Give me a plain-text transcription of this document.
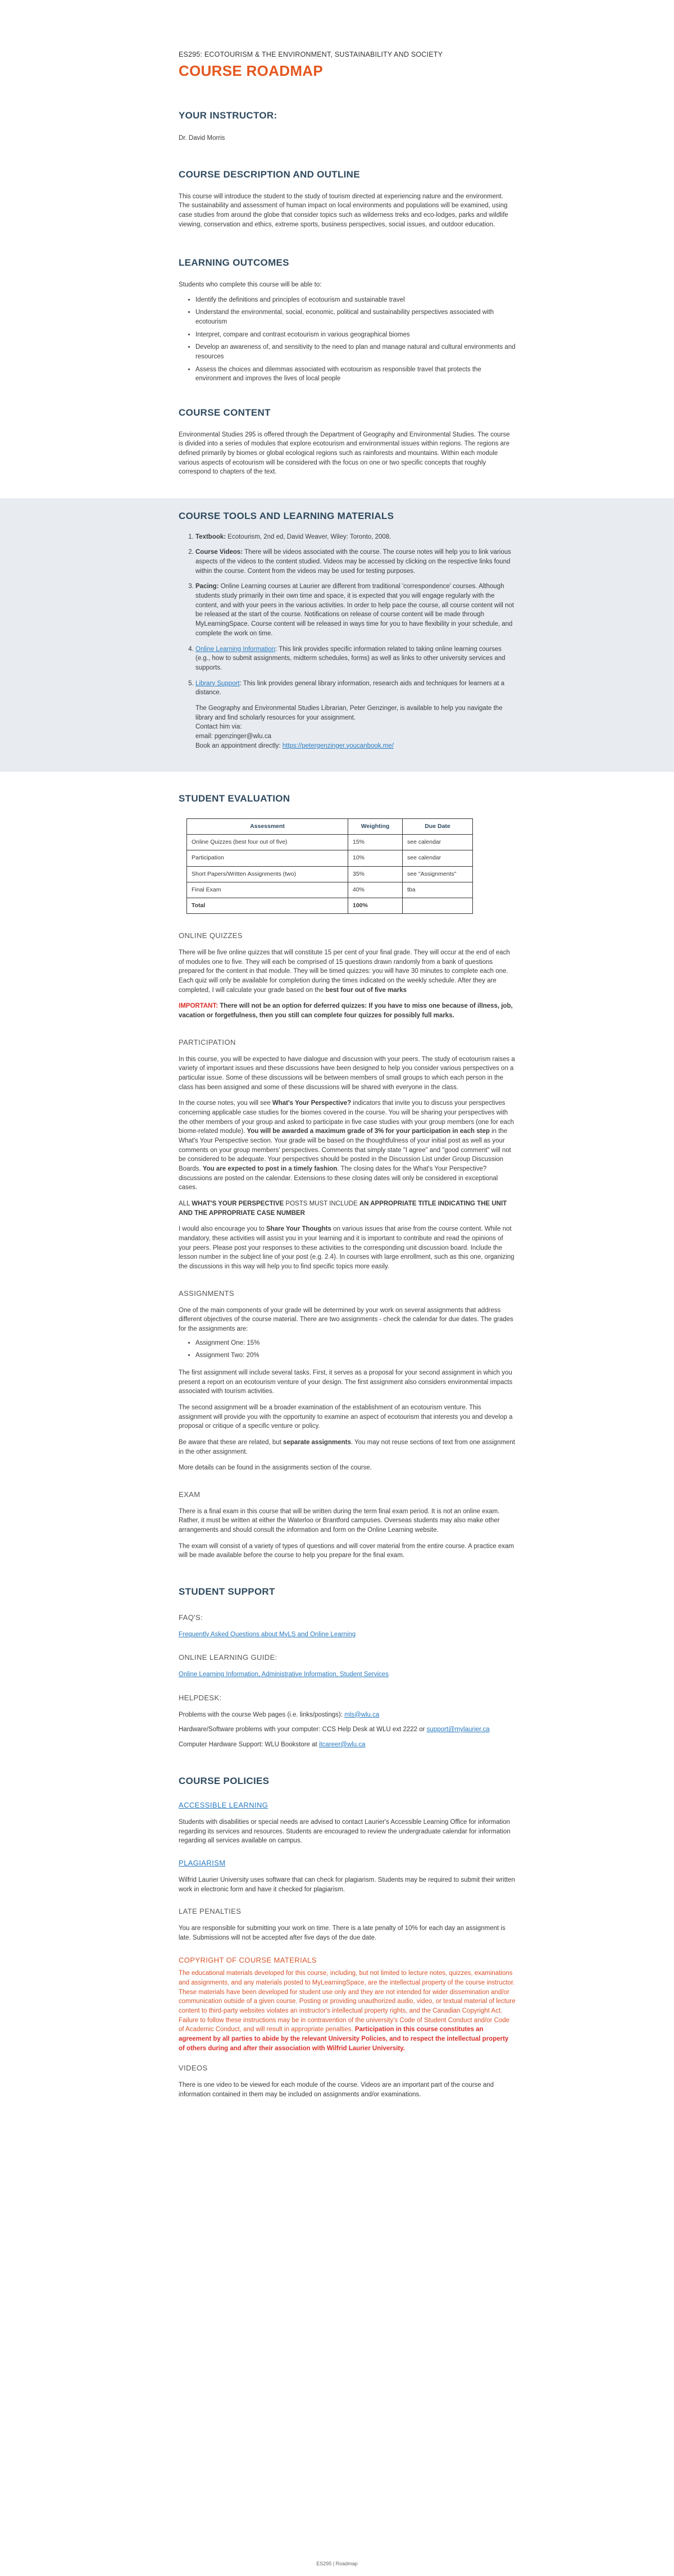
ES295: ECOTOURISM & THE ENVIRONMENT, SUSTAINABILITY AND SOCIETY

COURSE ROADMAP
YOUR INSTRUCTOR:

Dr. David Morris

COURSE DESCRIPTION AND OUTLINE

This course will introduce the student to the study of tourism directed at experiencing nature and the environment. The sustainability and assessment of human impact on local environments and populations will be examined, using case studies from around the globe that consider topics such as wilderness treks and eco-lodges, parks and wildlife viewing, conservation and ethics, extreme sports, business perspectives, social issues, and outdoor education.

LEARNING OUTCOMES

Students who complete this course will be able to:

• Identify the definitions and principles of ecotourism and sustainable travel
• Understand the environmental, social, economic, political and sustainability perspectives associated with ecotourism
• Interpret, compare and contrast ecotourism in various geographical biomes
• Develop an awareness of, and sensitivity to the need to plan and manage natural and cultural environments and resources
• Assess the choices and dilemmas associated with ecotourism as responsible travel that protects the environment and improves the lives of local people
COURSE CONTENT

Environmental Studies 295 is offered through the Department of Geography and Environmental Studies. The course is divided into a series of modules that explore ecotourism and environmental issues within regions. The regions are defined primarily by biomes or global ecological regions such as rainforests and mountains. Within each module various aspects of ecotourism will be considered with the focus on one or two specific concepts that roughly correspond to chapters of the text.

COURSE TOOLS AND LEARNING MATERIALS
1. Textbook: Ecotourism, 2nd ed, David Weaver, Wiley: Toronto, 2008.
2. Course Videos: There will be videos associated with the course. The course notes will help you to link various aspects of the videos to the content studied. Videos may be accessed by clicking on the respective links found within the course. Content from the videos may be used for testing purposes.
3. Pacing: Online Learning courses at Laurier are different from traditional 'correspondence' courses. Although students study primarily in their own time and space, it is expected that you will engage regularly with the content, and with your peers in the various activities. In order to help pace the course, all course content will not be released at the start of the course. Notifications on release of course content will be made through MyLearningSpace. Course content will be released in ways time for you to have flexibility in your schedule, and complete the work on time.
4. Online Learning Information: This link provides specific information related to taking online learning courses (e.g., how to submit assignments, midterm schedules, forms) as well as links to other university services and supports.
5. Library Support: This link provides general library information, research aids and techniques for learners at a distance.

The Geography and Environmental Studies Librarian, Peter Genzinger, is available to help you navigate the library and find scholarly resources for your assignment.

Contact him via:

email: pgenzinger@wlu.ca

Book an appointment directly: https://petergenzinger.youcanbook.me/

STUDENT EVALUATION
Assessment	Weighting	Due Date
Online Quizzes (best four out of five)	15%	see calendar
Participation	10%	see calendar
Short Papers/Written Assignments (two)	35%	see "Assignments"
Final Exam	40%	tba
Total	100%	
ONLINE QUIZZES

There will be five online quizzes that will constitute 15 per cent of your final grade. They will occur at the end of each of modules one to five. They will each be comprised of 15 questions drawn randomly from a bank of questions prepared for the content in that module. They will be timed quizzes: you will have 30 minutes to complete each one. Each quiz will only be available for completion during the times indicated on the weekly schedule. After they are completed, I will calculate your grade based on the best four out of five marks

IMPORTANT: There will not be an option for deferred quizzes: If you have to miss one because of illness, job, vacation or forgetfulness, then you still can complete four quizzes for possibly full marks.

PARTICIPATION

In this course, you will be expected to have dialogue and discussion with your peers. The study of ecotourism raises a variety of important issues and these discussions have been designed to help you consider various perspectives on a particular issue. Some of these discussions will be between members of small groups to which each person in the class has been assigned and some of these discussions will be shared with everyone in the class.

In the course notes, you will see What's Your Perspective? indicators that invite you to discuss your perspectives concerning applicable case studies for the biomes covered in the course. You will be sharing your perspectives with the other members of your group and asked to participate in five case studies with your group members (one for each biome-related module). You will be awarded a maximum grade of 3% for your participation in each step in the What's Your Perspective section. Your grade will be based on the thoughtfulness of your initial post as well as your comments on your group members' perspectives. Comments that simply state "I agree" and "good comment" will not be considered to be adequate. Your perspectives should be posted in the Discussion List under Group Discussion Boards. You are expected to post in a timely fashion. The closing dates for the What's Your Perspective? discussions are posted on the calendar. Extensions to these closing dates will only be considered in exceptional cases.

ALL WHAT'S YOUR PERSPECTIVE POSTS MUST INCLUDE AN APPROPRIATE TITLE INDICATING THE UNIT AND THE APPROPRIATE CASE NUMBER

I would also encourage you to Share Your Thoughts on various issues that arise from the course content. While not mandatory, these activities will assist you in your learning and it is important to contribute and read the opinions of your peers. Please post your responses to these activities to the corresponding unit discussion board. Include the lesson number in the subject line of your post (e.g. 2.4). In courses with large enrollment, such as this one, organizing the discussions in this way will help you to find specific topics more easily.

ASSIGNMENTS

One of the main components of your grade will be determined by your work on several assignments that address different objectives of the course material. There are two assignments - check the calendar for due dates. The grades for the assignments are:

• Assignment One: 15%
• Assignment Two: 20%

The first assignment will include several tasks. First, it serves as a proposal for your second assignment in which you present a report on an ecotourism venture of your design. The first assignment also considers environmental impacts associated with tourism activities.

The second assignment will be a broader examination of the establishment of an ecotourism venture. This assignment will provide you with the opportunity to examine an aspect of ecotourism that interests you and develop a proposal or critique of a specific venture or policy.

Be aware that these are related, but separate assignments. You may not reuse sections of text from one assignment in the other assignment.

More details can be found in the assignments section of the course.

EXAM

There is a final exam in this course that will be written during the term final exam period. It is not an online exam. Rather, it must be written at either the Waterloo or Brantford campuses. Overseas students may also make other arrangements and should consult the information and form on the Online Learning website.

The exam will consist of a variety of types of questions and will cover material from the entire course. A practice exam will be made available before the course to help you prepare for the final exam.

STUDENT SUPPORT
FAQ'S:

Frequently Asked Questions about MyLS and Online Learning

ONLINE LEARNING GUIDE:

Online Learning Information, Administrative Information, Student Services

HELPDESK:

Problems with the course Web pages (i.e. links/postings): mls@wlu.ca

Hardware/Software problems with your computer: CCS Help Desk at WLU ext 2222 or support@mylaurier.ca

Computer Hardware Support: WLU Bookstore at itcareer@wlu.ca

COURSE POLICIES
ACCESSIBLE LEARNING

Students with disabilities or special needs are advised to contact Laurier's Accessible Learning Office for information regarding its services and resources. Students are encouraged to review the undergraduate calendar for information regarding all services available on campus.

PLAGIARISM

Wilfrid Laurier University uses software that can check for plagiarism. Students may be required to submit their written work in electronic form and have it checked for plagiarism.

LATE PENALTIES

You are responsible for submitting your work on time. There is a late penalty of 10% for each day an assignment is late. Submissions will not be accepted after five days of the due date.

COPYRIGHT OF COURSE MATERIALS

The educational materials developed for this course, including, but not limited to lecture notes, quizzes, examinations and assignments, and any materials posted to MyLearningSpace, are the intellectual property of the course instructor. These materials have been developed for student use only and they are not intended for wider dissemination and/or communication outside of a given course. Posting or providing unauthorized audio, video, or textual material of lecture content to third-party websites violates an instructor's intellectual property rights, and the Canadian Copyright Act. Failure to follow these instructions may be in contravention of the university's Code of Student Conduct and/or Code of Academic Conduct, and will result in appropriate penalties. Participation in this course constitutes an agreement by all parties to abide by the relevant University Policies, and to respect the intellectual property of others during and after their association with Wilfrid Laurier University.

VIDEOS

There is one video to be viewed for each module of the course. Videos are an important part of the course and information contained in them may be included on assignments and/or examinations.

ES295 | Roadmap
